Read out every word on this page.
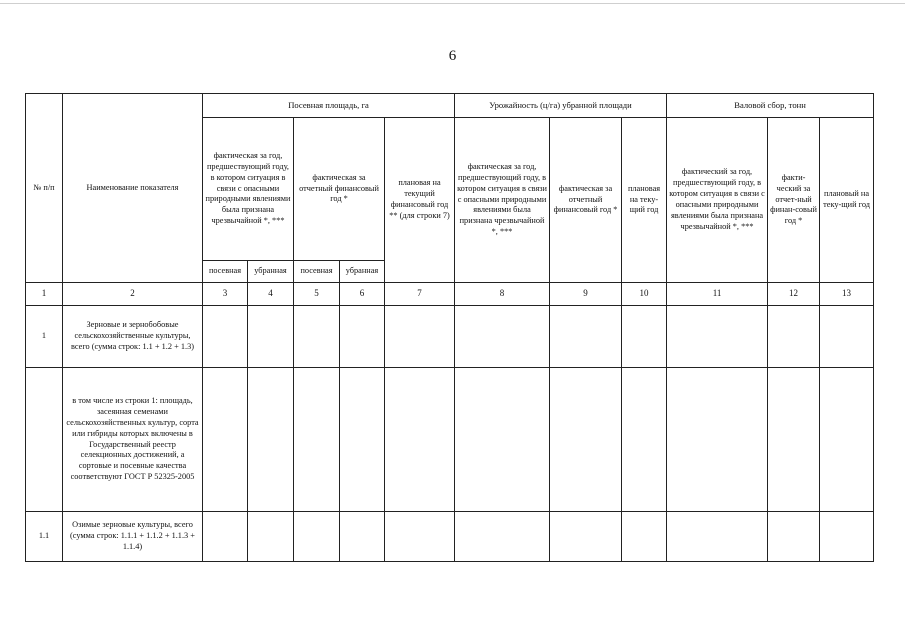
6
№ п/п	Наименование показателя	Посевная площадь, га					Урожайность (ц/га) убранной площади			Валовой сбор, тонн		
		фактическая за год, предшествующий году, в котором ситуация в связи с опасными природными явлениями была признана чрезвычайной *, ***		фактическая за отчетный финансовый год *		плановая на текущий финансовый год ** (для строки 7)	фактическая за год, предшествующий году, в котором ситуация в связи с опасными природными явлениями была признана чрезвычайной *, ***	фактическая за отчетный финансовый год *	плановая на теку-щий год	фактический за год, предшествующий году, в котором ситуация в связи с опасными природными явлениями была признана чрезвычайной *, ***	факти-ческий за отчет-ный финан-совый год *	плановый на теку-щий год
		посевная	убранная	посевная	убранная							
1	2	3	4	5	6	7	8	9	10	11	12	13
1	Зерновые и зернобобовые сельскохозяйственные культуры, всего (сумма строк: 1.1 + 1.2 + 1.3)											
	в том числе из строки 1: площадь, засеянная семенами сельскохозяйственных культур, сорта или гибриды которых включены в Государственный реестр селекционных достижений, а сортовые и посевные качества соответствуют ГОСТ Р 52325-2005											
1.1	Озимые зерновые культуры, всего (сумма строк: 1.1.1 + 1.1.2 + 1.1.3 + 1.1.4)											
